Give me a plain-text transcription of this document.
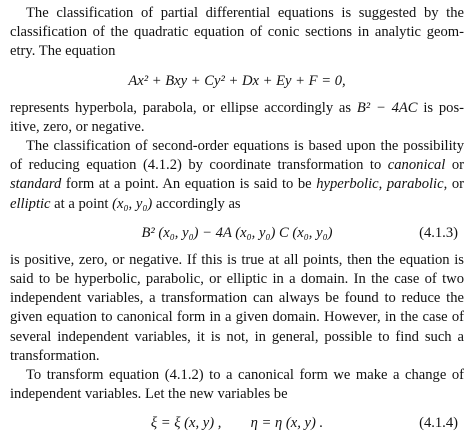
The classification of partial differential equations is suggested by the classification of the quadratic equation of conic sections in analytic geom- etry. The equation

Ax² + Bxy + Cy² + Dx + Ey + F = 0,

represents hyperbola, parabola, or ellipse accordingly as B² − 4AC is pos- itive, zero, or negative.

The classification of second-order equations is based upon the possibility of reducing equation (4.1.2) by coordinate transformation to canonical or standard form at a point. An equation is said to be hyperbolic, parabolic, or elliptic at a point (x₀, y₀) accordingly as

B² (x₀, y₀) − 4A (x₀, y₀) C (x₀, y₀)	(4.1.3)

is positive, zero, or negative. If this is true at all points, then the equation is said to be hyperbolic, parabolic, or elliptic in a domain. In the case of two independent variables, a transformation can always be found to reduce the given equation to canonical form in a given domain. However, in the case of several independent variables, it is not, in general, possible to find such a transformation.

To transform equation (4.1.2) to a canonical form we make a change of independent variables. Let the new variables be

ξ = ξ (x, y) ,        η = η (x, y) .	(4.1.4)
